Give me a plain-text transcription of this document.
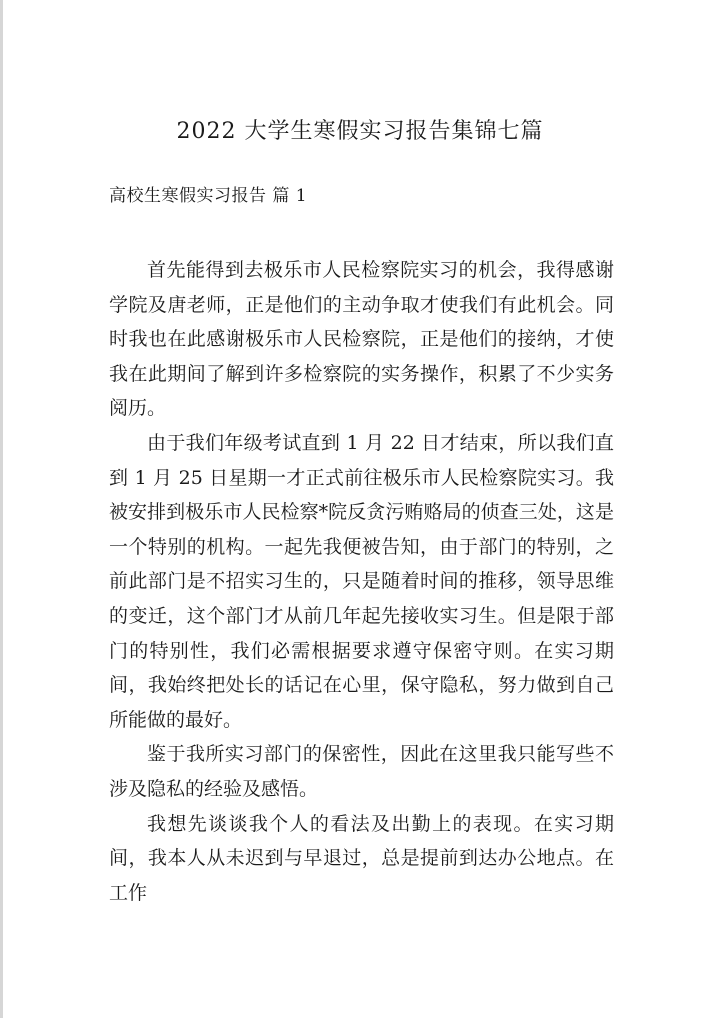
2022 大学生寒假实习报告集锦七篇

高校生寒假实习报告 篇 1

首先能得到去极乐市人民检察院实习的机会，我得感谢学院及唐老师，正是他们的主动争取才使我们有此机会。同时我也在此感谢极乐市人民检察院，正是他们的接纳，才使我在此期间了解到许多检察院的实务操作，积累了不少实务阅历。

由于我们年级考试直到 1 月 22 日才结束，所以我们直到 1 月 25 日星期一才正式前往极乐市人民检察院实习。我被安排到极乐市人民检察*院反贪污贿赂局的侦查三处，这是一个特别的机构。一起先我便被告知，由于部门的特别，之前此部门是不招实习生的，只是随着时间的推移，领导思维的变迁，这个部门才从前几年起先接收实习生。但是限于部门的特别性，我们必需根据要求遵守保密守则。在实习期间，我始终把处长的话记在心里，保守隐私，努力做到自己所能做的最好。

鉴于我所实习部门的保密性，因此在这里我只能写些不涉及隐私的经验及感悟。

我想先谈谈我个人的看法及出勤上的表现。在实习期间，我本人从未迟到与早退过，总是提前到达办公地点。在工作
